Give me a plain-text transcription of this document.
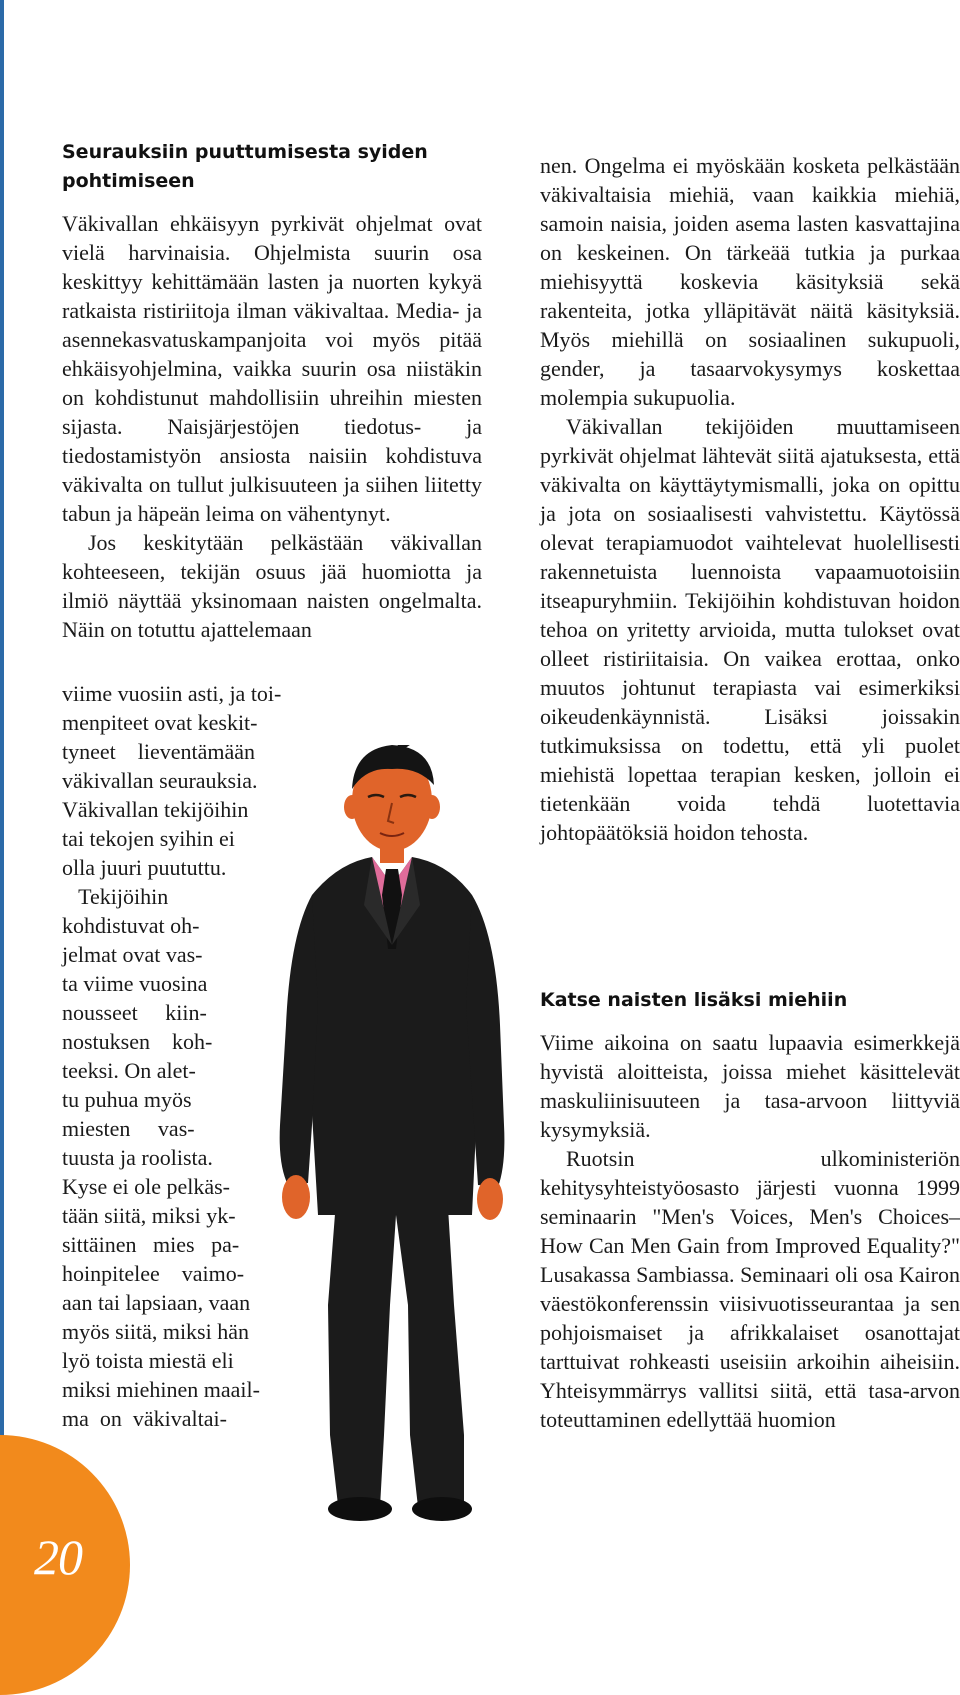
Seurauksiin puuttumisesta syiden
pohtimiseen

Väkivallan ehkäisyyn pyrkivät ohjelmat ovat vielä harvinaisia. Ohjelmista suurin osa keskittyy kehittämään lasten ja nuorten kykyä ratkaista ristiriitoja ilman väkivaltaa. Media- ja asennekasvatuskampanjoita voi myös pitää ehkäisyohjelmina, vaikka suurin osa niistäkin on kohdistunut mahdollisiin uhreihin miesten sijasta. Naisjärjestöjen tiedotus- ja tiedostamistyön ansiosta naisiin kohdistuva väkivalta on tullut julkisuuteen ja siihen liitetty tabun ja häpeän leima on vähentynyt.

Jos keskitytään pelkästään väkivallan kohteeseen, tekijän osuus jää huomiotta ja ilmiö näyttää yksinomaan naisten ongelmalta. Näin on totuttu ajattelemaan

viime vuosiin asti, ja toi-
menpiteet ovat keskit-
tyneet    lieventämään
väkivallan seurauksia.
Väkivallan tekijöihin
tai tekojen syihin ei
olla juuri puututtu.
Tekijöihin
kohdistuvat oh-
jelmat ovat vas-
ta viime vuosina
nousseet     kiin-
nostuksen    koh-
teeksi. On alet-
tu puhua myös
miesten     vas-
tuusta ja roolista.
Kyse ei ole pelkäs-
tään siitä, miksi yk-
sittäinen   mies   pa-
hoinpitelee    vaimo-
aan tai lapsiaan, vaan
myös siitä, miksi hän
lyö toista miestä eli
miksi miehinen maail-
ma  on  väkivaltai-

nen. Ongelma ei myöskään kosketa pelkästään väkivaltaisia miehiä, vaan kaikkia miehiä, samoin naisia, joiden asema lasten kasvattajina on keskeinen. On tärkeää tutkia ja purkaa miehisyyttä koskevia käsityksiä sekä rakenteita, jotka ylläpitävät näitä käsityksiä. Myös miehillä on sosiaalinen sukupuoli, gender, ja tasaarvokysymys koskettaa molempia sukupuolia.

Väkivallan tekijöiden muuttamiseen pyrkivät ohjelmat lähtevät siitä ajatuksesta, että väkivalta on käyttäytymismalli, joka on opittu ja jota on sosiaalisesti vahvistettu. Käytössä olevat terapiamuodot vaihtelevat huolellisesti rakennetuista luennoista vapaamuotoisiin itseapuryhmiin. Tekijöihin kohdistuvan hoidon tehoa on yritetty arvioida, mutta tulokset ovat olleet ristiriitaisia. On vaikea erottaa, onko muutos johtunut terapiasta vai esimerkiksi oikeudenkäynnistä. Lisäksi joissakin tutkimuksissa on todettu, että yli puolet miehistä lopettaa terapian kesken, jolloin ei tietenkään voida tehdä luotettavia johtopäätöksiä hoidon tehosta.

Katse naisten lisäksi miehiin

Viime aikoina on saatu lupaavia esimerkkejä hyvistä aloitteista, joissa miehet käsittelevät maskuliinisuuteen ja tasa-arvoon liittyviä kysymyksiä.

Ruotsin ulkoministeriön kehitysyhteistyöosasto järjesti vuonna 1999 seminaarin "Men's Voices, Men's Choices–How Can Men Gain from Improved Equality?" Lusakassa Sambiassa. Seminaari oli osa Kairon väestökonferenssin viisivuotisseurantaa ja sen pohjoismaiset ja afrikkalaiset osanottajat tarttuivat rohkeasti useisiin arkoihin aiheisiin. Yhteisymmärrys vallitsi siitä, että tasa-arvon toteuttaminen edellyttää huomion

20
